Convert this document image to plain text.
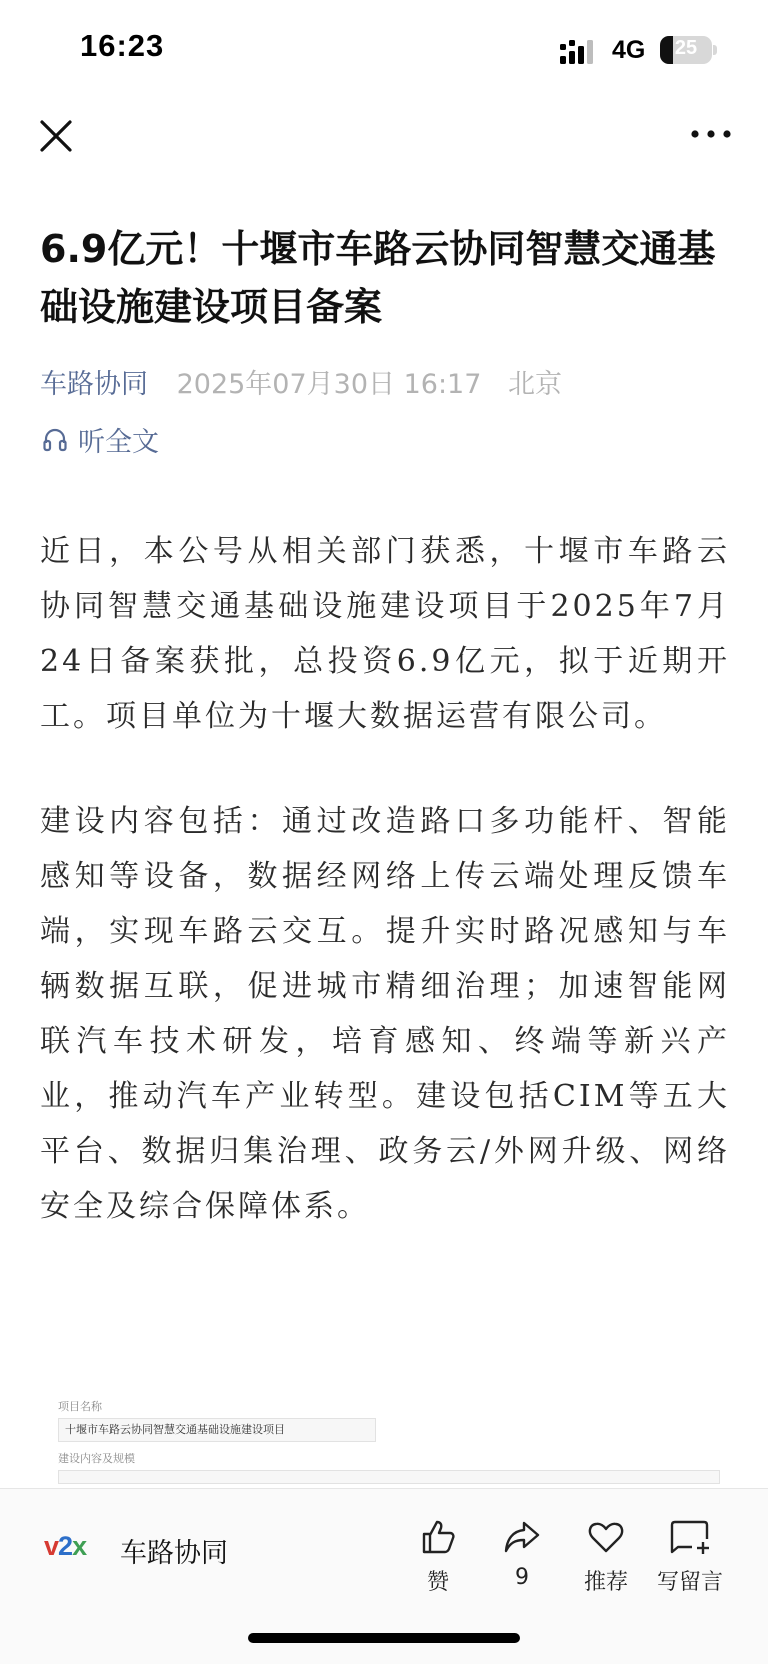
16:23	4G	25
6.9亿元！十堰市车路云协同智慧交通基础设施建设项目备案
车路协同 2025年07月30日 16:17 北京
听全文

近日，本公号从相关部门获悉，十堰市车路云协同智慧交通基础设施建设项目于2025年7月24日备案获批，总投资6.9亿元，拟于近期开工。项目单位为十堰大数据运营有限公司。

建设内容包括：通过改造路口多功能杆、智能感知等设备，数据经网络上传云端处理反馈车端，实现车路云交互。提升实时路况感知与车辆数据互联，促进城市精细治理；加速智能网联汽车技术研发，培育感知、终端等新兴产业，推动汽车产业转型。建设包括CIM等五大平台、数据归集治理、政务云/外网升级、网络安全及综合保障体系。

项目名称
十堰市车路云协同智慧交通基础设施建设项目
建设内容及规模
v2x 车路协同
赞	9	推荐	写留言
